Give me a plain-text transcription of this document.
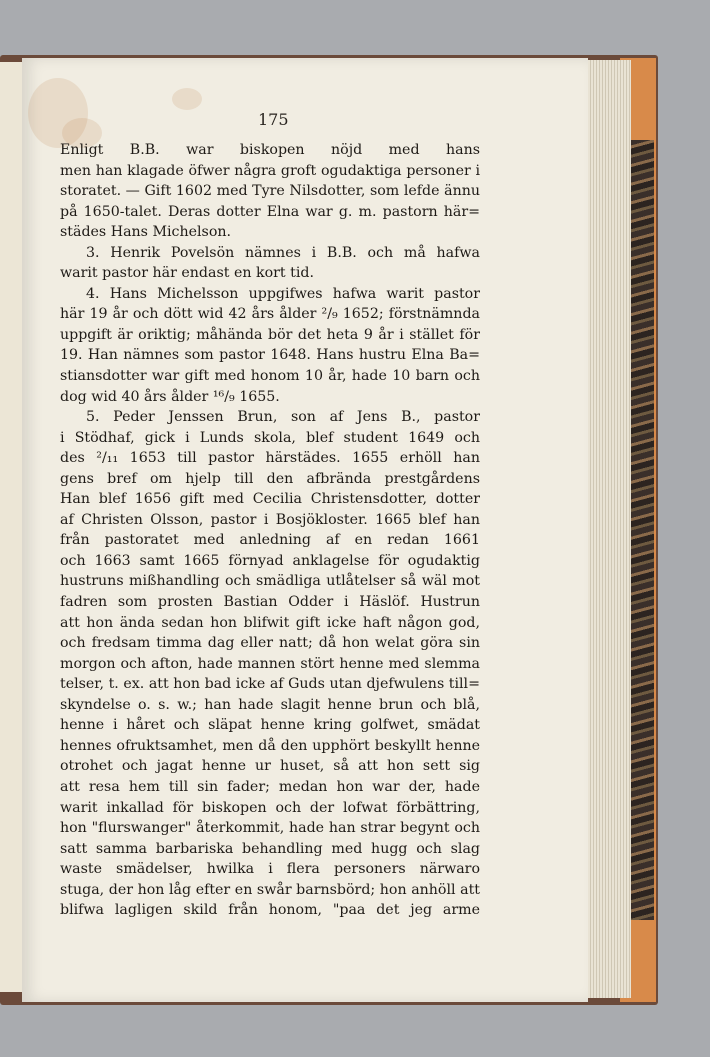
175
Enligt B.B. war biskopen nöjd med hans
men han klagade öfwer några groft ogudaktiga personer i
storatet. — Gift 1602 med Tyre Nilsdotter, som lefde ännu
på 1650-talet. Deras dotter Elna war g. m. pastorn här=
städes Hans Michelson.
3. Henrik Povelsön nämnes i B.B. och må hafwa
warit pastor här endast en kort tid.
4. Hans Michelsson uppgifwes hafwa warit pastor
här 19 år och dött wid 42 års ålder ²/₉ 1652; förstnämnda
uppgift är oriktig; måhända bör det heta 9 år i stället för
19. Han nämnes som pastor 1648. Hans hustru Elna Ba=
stiansdotter war gift med honom 10 år, hade 10 barn och
dog wid 40 års ålder ¹⁶/₉ 1655.
5. Peder Jenssen Brun, son af Jens B., pastor
i Stödhaf, gick i Lunds skola, blef student 1649 och
des ²/₁₁ 1653 till pastor härstädes. 1655 erhöll han
gens bref om hjelp till den afbrända prestgårdens
Han blef 1656 gift med Cecilia Christensdotter, dotter
af Christen Olsson, pastor i Bosjökloster. 1665 blef han
från pastoratet med anledning af en redan 1661
och 1663 samt 1665 förnyad anklagelse för ogudaktig
hustruns mißhandling och smädliga utlåtelser så wäl mot
fadren som prosten Bastian Odder i Häslöf. Hustrun
att hon ända sedan hon blifwit gift icke haft någon god,
och fredsam timma dag eller natt; då hon welat göra sin
morgon och afton, hade mannen stört henne med slemma
telser, t. ex. att hon bad icke af Guds utan djefwulens till=
skyndelse o. s. w.; han hade slagit henne brun och blå,
henne i håret och släpat henne kring golfwet, smädat
hennes ofruktsamhet, men då den upphört beskyllt henne
otrohet och jagat henne ur huset, så att hon sett sig
att resa hem till sin fader; medan hon war der, hade
warit inkallad för biskopen och der lofwat förbättring,
hon "flurswanger" återkommit, hade han strar begynt och
satt samma barbariska behandling med hugg och slag
waste smädelser, hwilka i flera personers närwaro
stuga, der hon låg efter en swår barnsbörd; hon anhöll att
blifwa lagligen skild från honom, "paa det jeg arme
